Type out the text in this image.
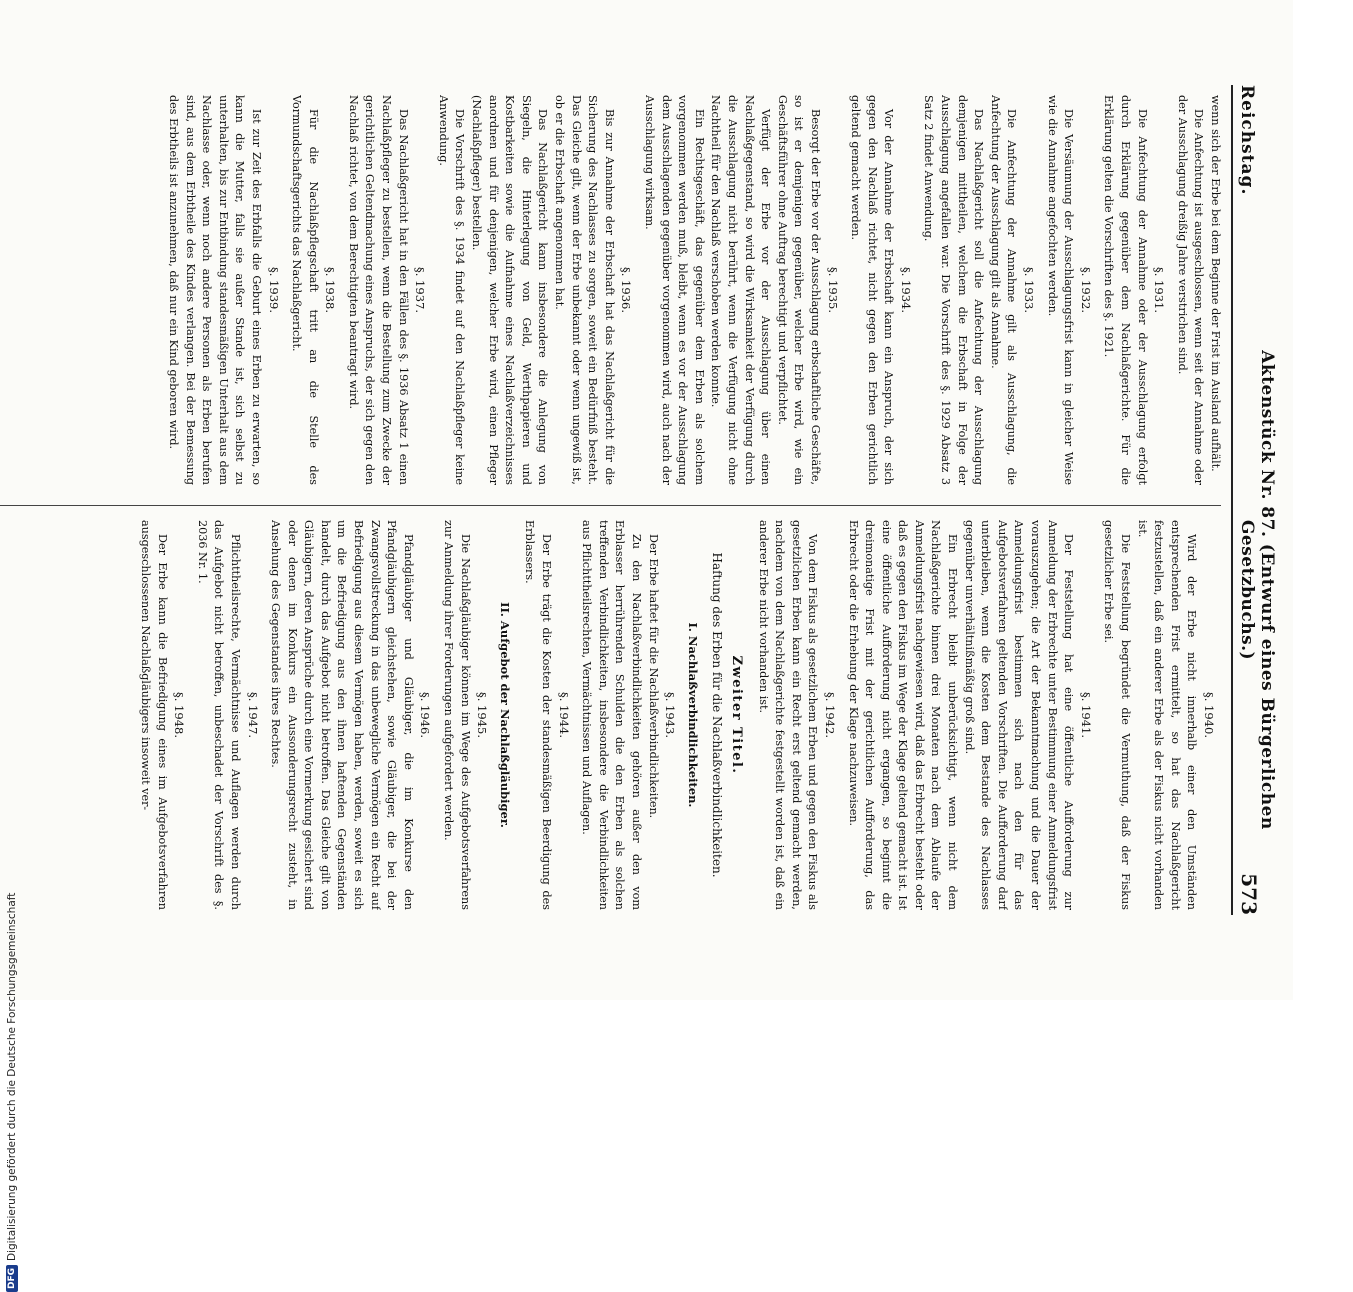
Reichstag.
Aktenstück Nr. 87. (Entwurf eines Bürgerlichen Gesetzbuchs.)
573

wenn sich der Erbe bei dem Beginne der Frist im Ausland aufhält.

Die Anfechtung ist ausgeschlossen, wenn seit der Annahme oder der Ausschlagung dreißig Jahre verstrichen sind.

§. 1931.

Die Anfechtung der Annahme oder der Ausschlagung erfolgt durch Erklärung gegenüber dem Nachlaßgerichte. Für die Erklärung gelten die Vorschriften des §. 1921.

§. 1932.

Die Versäumung der Ausschlagungsfrist kann in gleicher Weise wie die Annahme angefochten werden.

§. 1933.

Die Anfechtung der Annahme gilt als Ausschlagung, die Anfechtung der Ausschlagung gilt als Annahme.

Das Nachlaßgericht soll die Anfechtung der Ausschlagung demjenigen mittheilen, welchem die Erbschaft in Folge der Ausschlagung angefallen war. Die Vorschrift des §. 1929 Absatz 3 Satz 2 findet Anwendung.

§. 1934.

Vor der Annahme der Erbschaft kann ein Anspruch, der sich gegen den Nachlaß richtet, nicht gegen den Erben gerichtlich geltend gemacht werden.

§. 1935.

Besorgt der Erbe vor der Ausschlagung erbschaftliche Geschäfte, so ist er demjenigen gegenüber, welcher Erbe wird, wie ein Geschäftsführer ohne Auftrag berechtigt und verpflichtet.

Verfügt der Erbe vor der Ausschlagung über einen Nachlaßgegenstand, so wird die Wirksamkeit der Verfügung durch die Ausschlagung nicht berührt, wenn die Verfügung nicht ohne Nachtheil für den Nachlaß verschoben werden konnte.

Ein Rechtsgeschäft, das gegenüber dem Erben als solchem vorgenommen werden muß, bleibt, wenn es vor der Ausschlagung dem Ausschlagenden gegenüber vorgenommen wird, auch nach der Ausschlagung wirksam.

§. 1936.

Bis zur Annahme der Erbschaft hat das Nachlaßgericht für die Sicherung des Nachlasses zu sorgen, soweit ein Bedürfniß besteht. Das Gleiche gilt, wenn der Erbe unbekannt oder wenn ungewiß ist, ob er die Erbschaft angenommen hat.

Das Nachlaßgericht kann insbesondere die Anlegung von Siegeln, die Hinterlegung von Geld, Werthpapieren und Kostbarkeiten sowie die Aufnahme eines Nachlaßverzeichnisses anordnen und für denjenigen, welcher Erbe wird, einen Pfleger (Nachlaßpfleger) bestellen.

Die Vorschrift des §. 1934 findet auf den Nachlaßpfleger keine Anwendung.

§. 1937.

Das Nachlaßgericht hat in den Fällen des §. 1936 Absatz 1 einen Nachlaßpfleger zu bestellen, wenn die Bestellung zum Zwecke der gerichtlichen Geltendmachung eines Anspruchs, der sich gegen den Nachlaß richtet, von dem Berechtigten beantragt wird.

§. 1938.

Für die Nachlaßpflegschaft tritt an die Stelle des Vormundschaftsgerichts das Nachlaßgericht.

§. 1939.

Ist zur Zeit des Erbfalls die Geburt eines Erben zu erwarten, so kann die Mutter, falls sie außer Stande ist, sich selbst zu unterhalten, bis zur Entbindung standesmäßigen Unterhalt aus dem Nachlasse oder, wenn noch andere Personen als Erben berufen sind, aus dem Erbtheile des Kindes verlangen. Bei der Bemessung des Erbtheils ist anzunehmen, daß nur ein Kind geboren wird.

§. 1940.

Wird der Erbe nicht innerhalb einer den Umständen entsprechenden Frist ermittelt, so hat das Nachlaßgericht festzustellen, daß ein anderer Erbe als der Fiskus nicht vorhanden ist.

Die Feststellung begründet die Vermuthung, daß der Fiskus gesetzlicher Erbe sei.

§. 1941.

Der Feststellung hat eine öffentliche Aufforderung zur Anmeldung der Erbrechte unter Bestimmung einer Anmeldungsfrist vorauszugehen; die Art der Bekanntmachung und die Dauer der Anmeldungsfrist bestimmen sich nach den für das Aufgebotsverfahren geltenden Vorschriften. Die Aufforderung darf unterbleiben, wenn die Kosten dem Bestande des Nachlasses gegenüber unverhältnißmäßig groß sind.

Ein Erbrecht bleibt unberücksichtigt, wenn nicht dem Nachlaßgerichte binnen drei Monaten nach dem Ablaufe der Anmeldungsfrist nachgewiesen wird, daß das Erbrecht besteht oder daß es gegen den Fiskus im Wege der Klage geltend gemacht ist. Ist eine öffentliche Aufforderung nicht ergangen, so beginnt die dreimonatige Frist mit der gerichtlichen Aufforderung, das Erbrecht oder die Erhebung der Klage nachzuweisen.

§. 1942.

Von dem Fiskus als gesetzlichem Erben und gegen den Fiskus als gesetzlichen Erben kann ein Recht erst geltend gemacht werden, nachdem von dem Nachlaßgerichte festgestellt worden ist, daß ein anderer Erbe nicht vorhanden ist.

Zweiter Titel.
Haftung des Erben für die Nachlaßverbindlichkeiten.
I. Nachlaßverbindlichkeiten.
§. 1943.

Der Erbe haftet für die Nachlaßverbindlichkeiten.

Zu den Nachlaßverbindlichkeiten gehören außer den vom Erblasser herrührenden Schulden die den Erben als solchen treffenden Verbindlichkeiten, insbesondere die Verbindlichkeiten aus Pflichttheilsrechten, Vermächtnissen und Auflagen.

§. 1944.

Der Erbe trägt die Kosten der standesmäßigen Beerdigung des Erblassers.

II. Aufgebot der Nachlaßgläubiger.
§. 1945.

Die Nachlaßgläubiger können im Wege des Aufgebotsverfahrens zur Anmeldung ihrer Forderungen aufgefordert werden.

§. 1946.

Pfandgläubiger und Gläubiger, die im Konkurse den Pfandgläubigern gleichstehen, sowie Gläubiger, die bei der Zwangsvollstreckung in das unbewegliche Vermögen ein Recht auf Befriedigung aus diesem Vermögen haben, werden, soweit es sich um die Befriedigung aus den ihnen haftenden Gegenständen handelt, durch das Aufgebot nicht betroffen. Das Gleiche gilt von Gläubigern, deren Ansprüche durch eine Vormerkung gesichert sind oder denen im Konkurs ein Aussonderungsrecht zusteht, in Ansehung des Gegenstandes ihres Rechtes.

§. 1947.

Pflichttheilsrechte, Vermächtnisse und Auflagen werden durch das Aufgebot nicht betroffen, unbeschadet der Vorschrift des §. 2036 Nr. 1.

§. 1948.

Der Erbe kann die Befriedigung eines im Aufgebotsverfahren ausgeschlossenen Nachlaßgläubigers insoweit ver-

DFG
Digitalisierung gefördert durch die Deutsche Forschungsgemeinschaft
